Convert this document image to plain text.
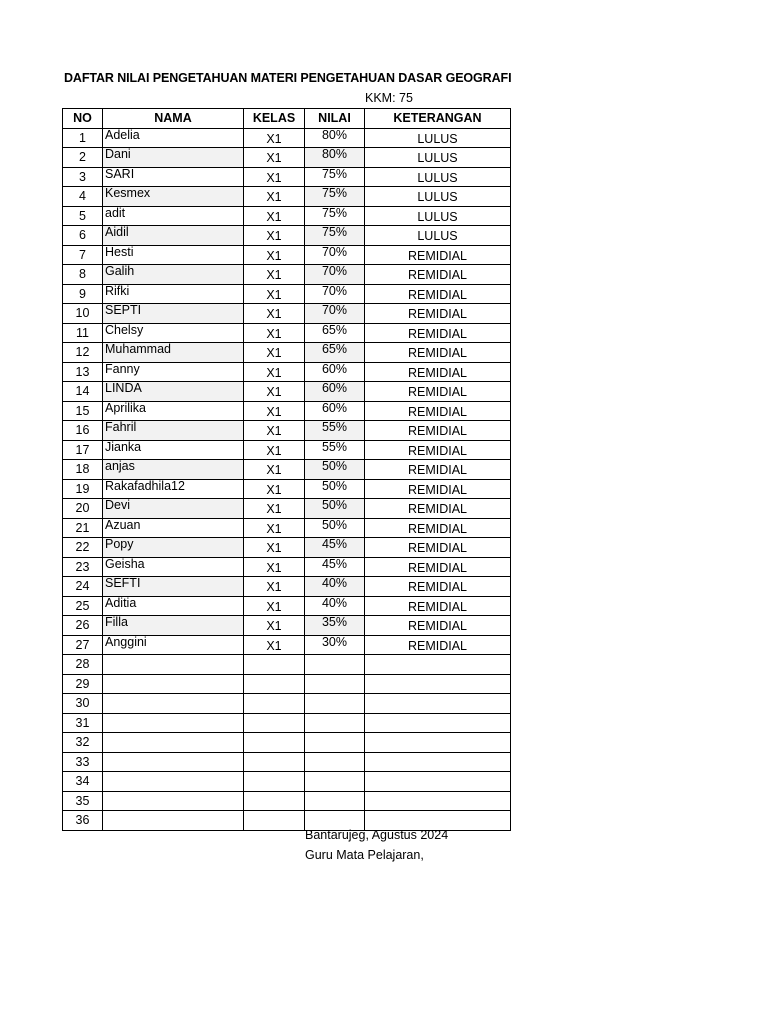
DAFTAR NILAI PENGETAHUAN MATERI PENGETAHUAN DASAR GEOGRAFI
KKM: 75
NO	NAMA	KELAS	NILAI	KETERANGAN
1	Adelia	X1	80%	LULUS
2	Dani	X1	80%	LULUS
3	SARI	X1	75%	LULUS
4	Kesmex	X1	75%	LULUS
5	adit	X1	75%	LULUS
6	Aidil	X1	75%	LULUS
7	Hesti	X1	70%	REMIDIAL
8	Galih	X1	70%	REMIDIAL
9	Rifki	X1	70%	REMIDIAL
10	SEPTI	X1	70%	REMIDIAL
11	Chelsy	X1	65%	REMIDIAL
12	Muhammad	X1	65%	REMIDIAL
13	Fanny	X1	60%	REMIDIAL
14	LINDA	X1	60%	REMIDIAL
15	Aprilika	X1	60%	REMIDIAL
16	Fahril	X1	55%	REMIDIAL
17	Jianka	X1	55%	REMIDIAL
18	anjas	X1	50%	REMIDIAL
19	Rakafadhila12	X1	50%	REMIDIAL
20	Devi	X1	50%	REMIDIAL
21	Azuan	X1	50%	REMIDIAL
22	Popy	X1	45%	REMIDIAL
23	Geisha	X1	45%	REMIDIAL
24	SEFTI	X1	40%	REMIDIAL
25	Aditia	X1	40%	REMIDIAL
26	Filla	X1	35%	REMIDIAL
27	Anggini	X1	30%	REMIDIAL
28				
29				
30				
31				
32				
33				
34				
35				
36				
Bantarujeg, Agustus 2024
Guru Mata Pelajaran,
